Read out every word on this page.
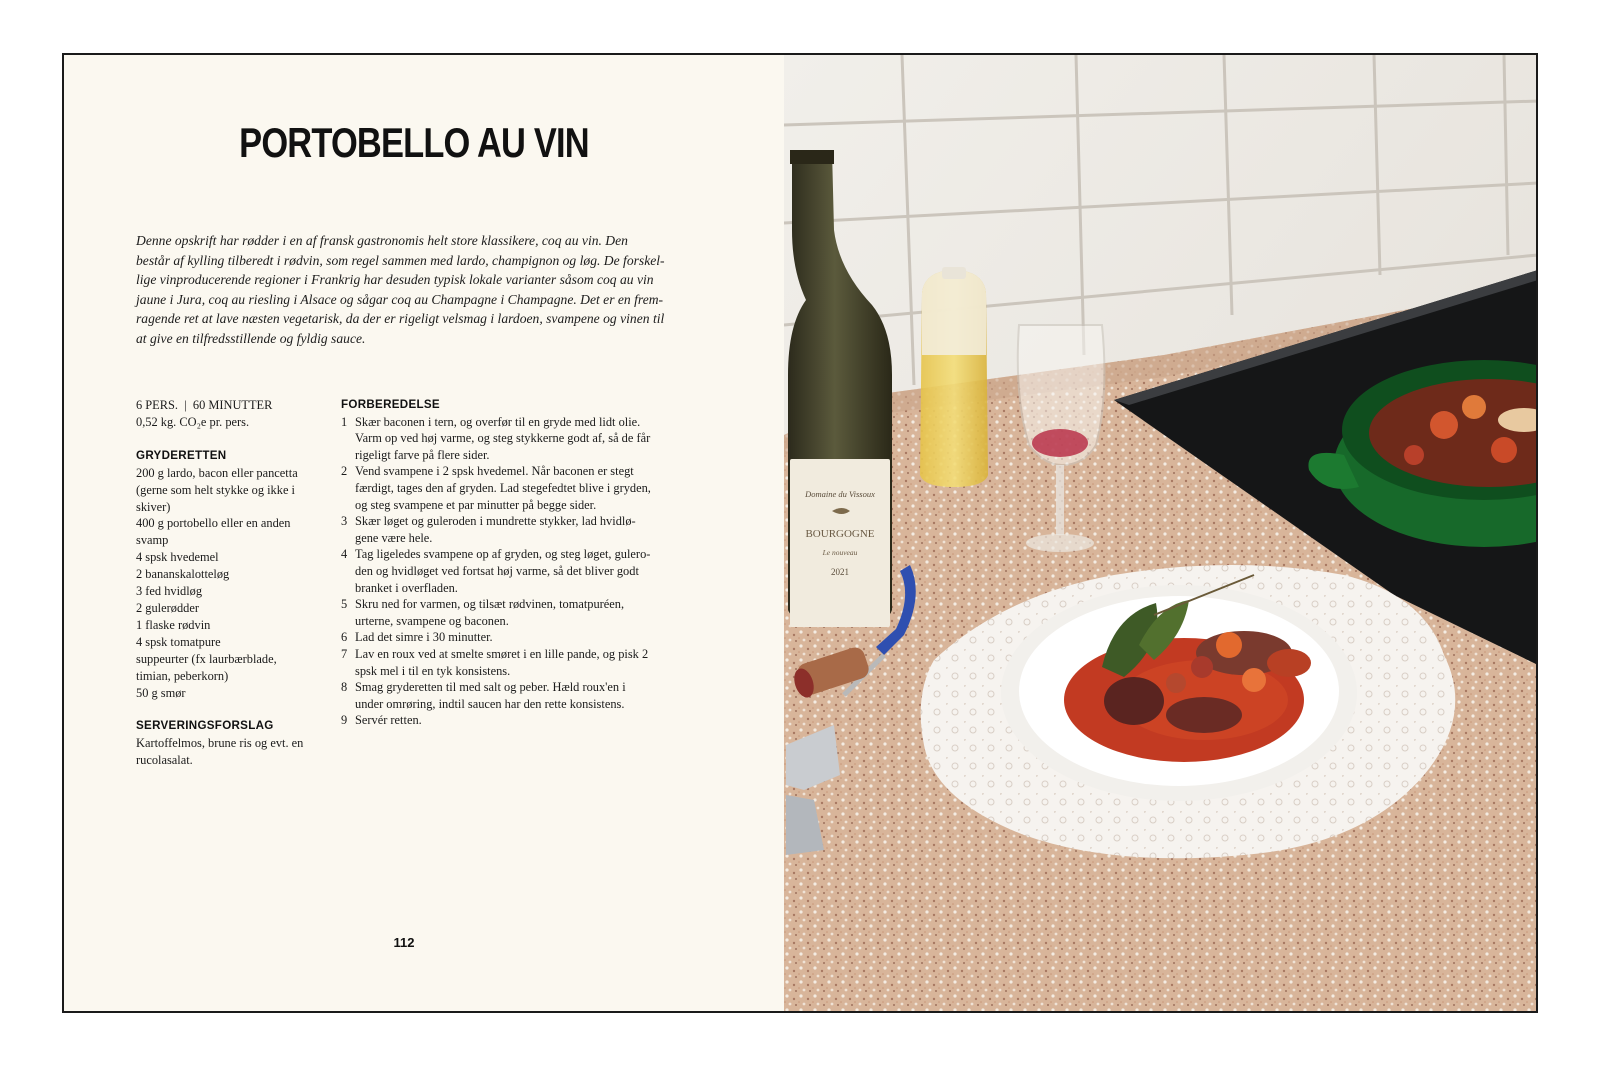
PORTOBELLO AU VIN
Denne opskrift har rødder i en af fransk gastronomis helt store klassikere, coq au vin. Den
består af kylling tilberedt i rødvin, som regel sammen med lardo, champignon og løg. De forskel-
lige vinproducerende regioner i Frankrig har desuden typisk lokale varianter såsom coq au vin
jaune i Jura, coq au riesling i Alsace og sågar coq au Champagne i Champagne. Det er en frem-
ragende ret at lave næsten vegetarisk, da der er rigeligt velsmag i lardoen, svampene og vinen til
at give en tilfredsstillende og fyldig sauce.
6 PERS.  |  60 MINUTTER
0,52 kg. CO₂e pr. pers.
GRYDERETTEN
200 g lardo, bacon eller pancetta
(gerne som helt stykke og ikke i
skiver)
400 g portobello eller en anden
svamp
4 spsk hvedemel
2 bananskalotteløg
3 fed hvidløg
2 gulerødder
1 flaske rødvin
4 spsk tomatpure
suppeurter (fx laurbærblade,
timian, peberkorn)
50 g smør
SERVERINGSFORSLAG
Kartoffelmos, brune ris og evt. en
rucolasalat.
FORBEREDELSE
1 Skær baconen i tern, og overfør til en gryde med lidt olie.
Varm op ved høj varme, og steg stykkerne godt af, så de får
rigeligt farve på flere sider.
2 Vend svampene i 2 spsk hvedemel. Når baconen er stegt
færdigt, tages den af gryden. Lad stegefedtet blive i gryden,
og steg svampene et par minutter på begge sider.
3 Skær løget og guleroden i mundrette stykker, lad hvidlø-
gene være hele.
4 Tag ligeledes svampene op af gryden, og steg løget, gulero-
den og hvidløget ved fortsat høj varme, så det bliver godt
branket i overfladen.
5 Skru ned for varmen, og tilsæt rødvinen, tomatpuréen,
urterne, svampene og baconen.
6 Lad det simre i 30 minutter.
7 Lav en roux ved at smelte smøret i en lille pande, og pisk 2
spsk mel i til en tyk konsistens.
8 Smag gryderetten til med salt og peber. Hæld roux'en i
under omrøring, indtil saucen har den rette konsistens.
9 Servér retten.
112
Domaine du Vissoux
BOURGOGNE
Le nouveau
2021
